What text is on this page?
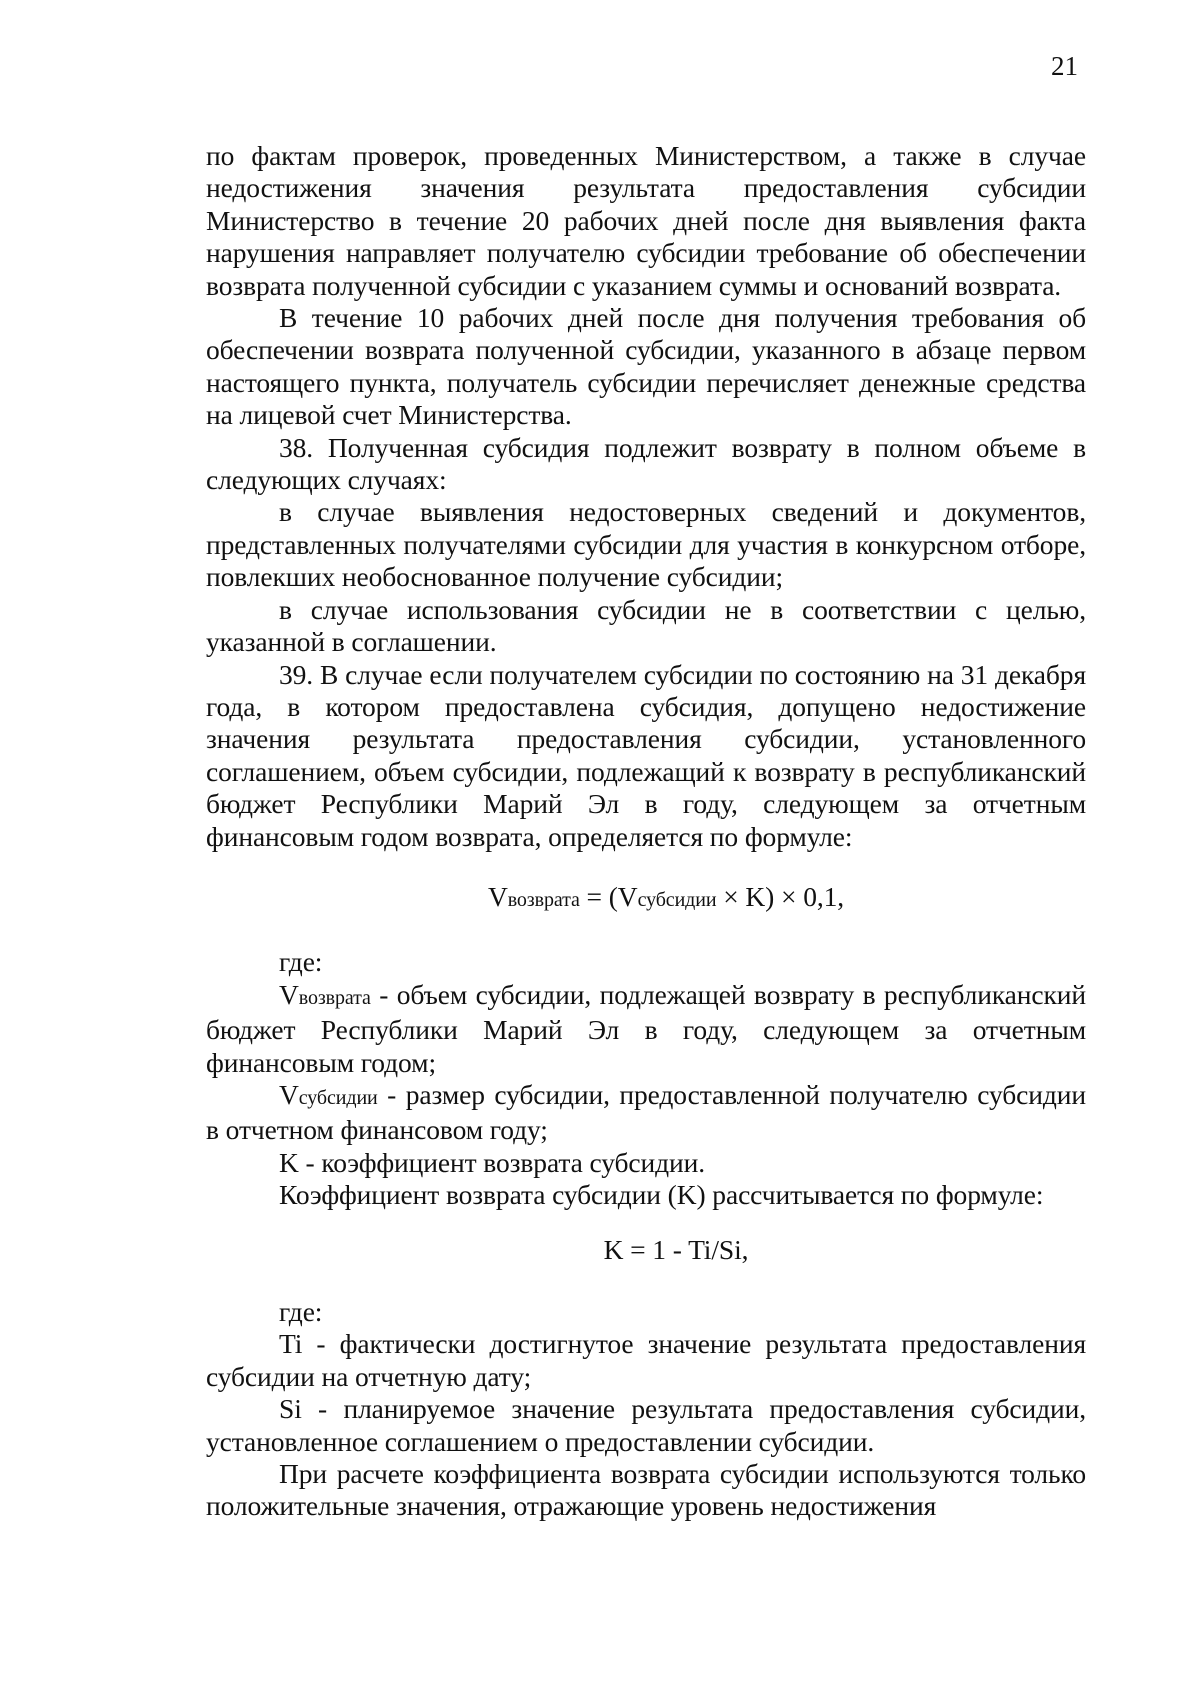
21

по фактам проверок, проведенных Министерством, а также в случае недостижения значения результата предоставления субсидии Министерство в течение 20 рабочих дней после дня выявления факта нарушения направляет получателю субсидии требование об обеспечении возврата полученной субсидии с указанием суммы и оснований возврата.

В течение 10 рабочих дней после дня получения требования об обеспечении возврата полученной субсидии, указанного в абзаце первом настоящего пункта, получатель субсидии перечисляет денежные средства на лицевой счет Министерства.

38. Полученная субсидия подлежит возврату в полном объеме в следующих случаях:

в случае выявления недостоверных сведений и документов, представленных получателями субсидии для участия в конкурсном отборе, повлекших необоснованное получение субсидии;

в случае использования субсидии не в соответствии с целью, указанной в соглашении.

39. В случае если получателем субсидии по состоянию на 31 декабря года, в котором предоставлена субсидия, допущено недостижение значения результата предоставления субсидии, установленного соглашением, объем субсидии, подлежащий к возврату в республиканский бюджет Республики Марий Эл в году, следующем за отчетным финансовым годом возврата, определяется по формуле:

Vвозврата = (Vсубсидии × K) × 0,1,

где:

Vвозврата - объем субсидии, подлежащей возврату в республиканский бюджет Республики Марий Эл в году, следующем за отчетным финансовым годом;

Vсубсидии - размер субсидии, предоставленной получателю субсидии в отчетном финансовом году;

K - коэффициент возврата субсидии.

Коэффициент возврата субсидии (K) рассчитывается по формуле:

K = 1 - Ti/Si,

где:

Ti - фактически достигнутое значение результата предоставления субсидии на отчетную дату;

Si - планируемое значение результата предоставления субсидии, установленное соглашением о предоставлении субсидии.

При расчете коэффициента возврата субсидии используются только положительные значения, отражающие уровень недостижения
